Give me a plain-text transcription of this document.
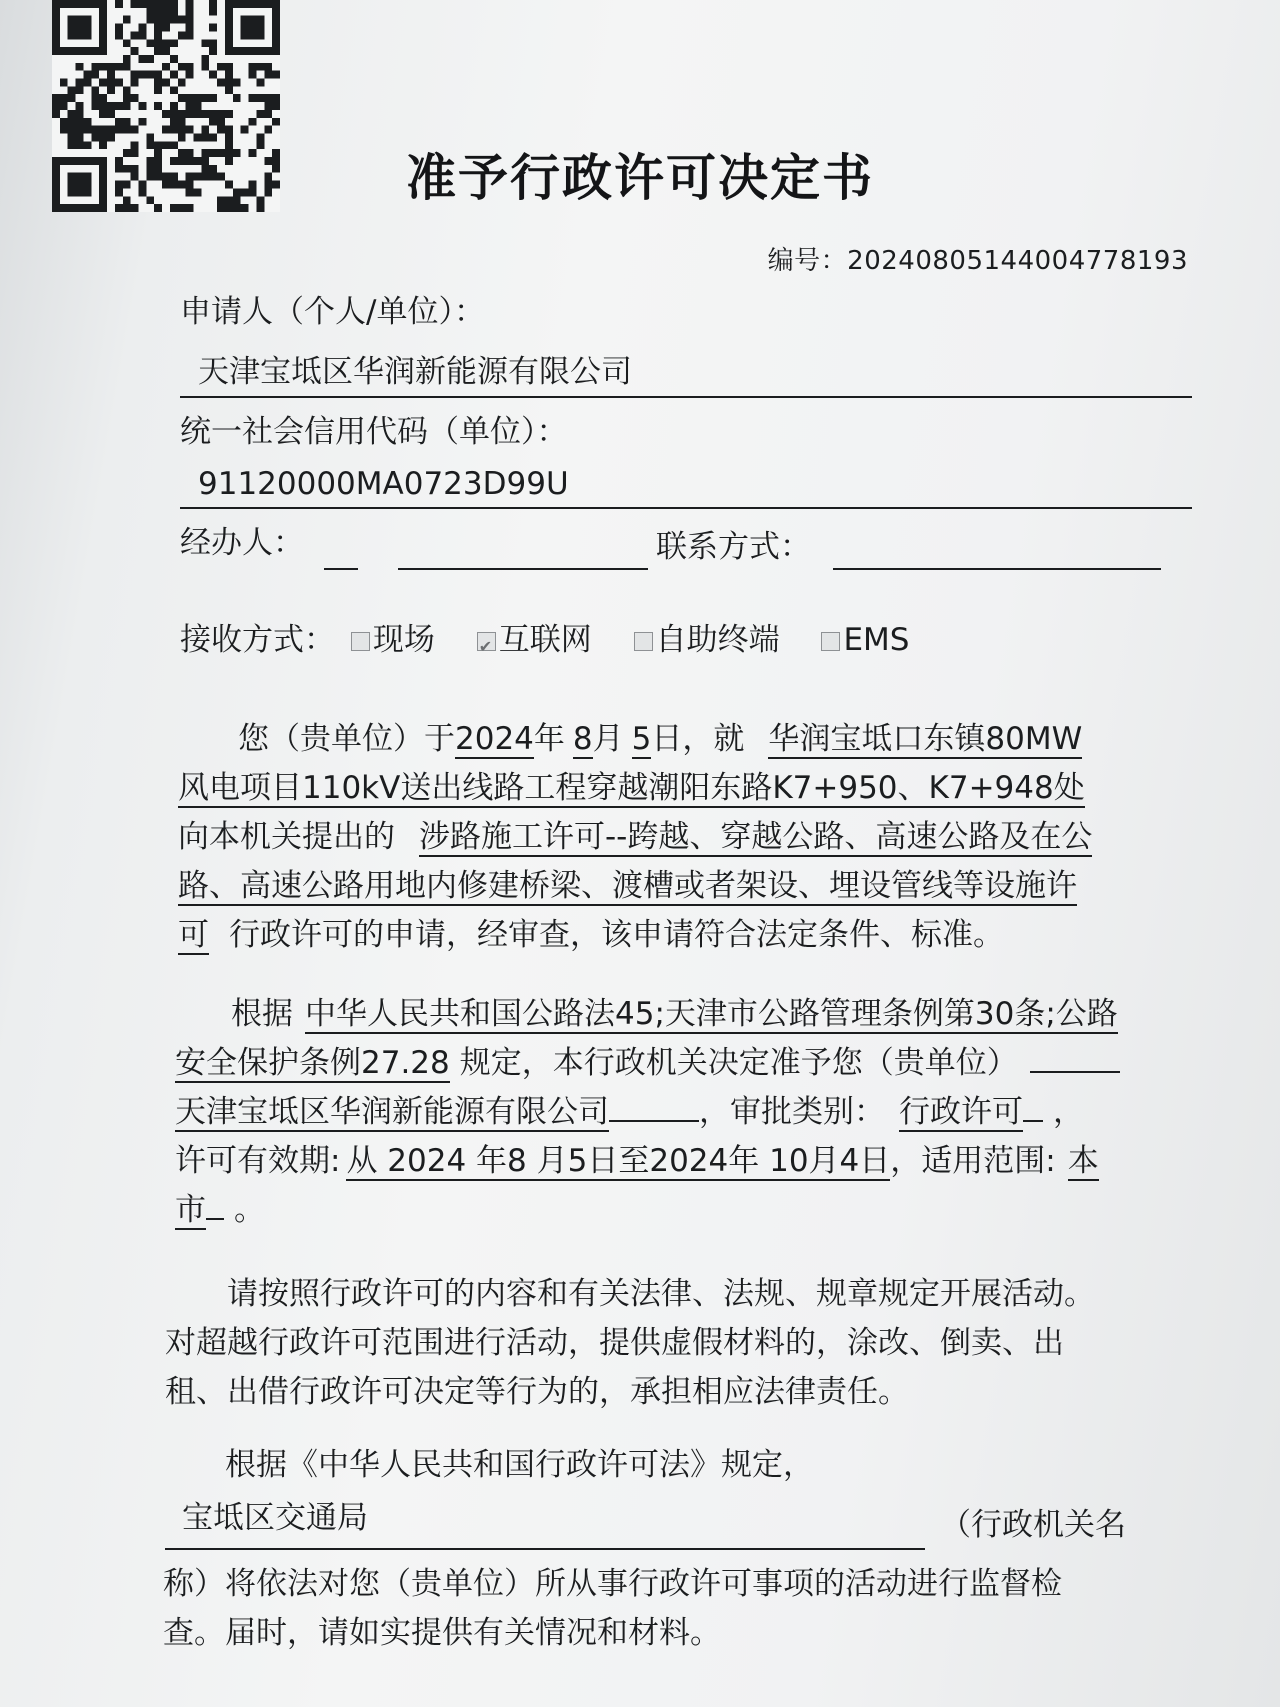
准予行政许可决定书
编号：20240805144004778193
申请人（个人/单位）：
天津宝坻区华润新能源有限公司
统一社会信用代码（单位）：
91120000MA0723D99U
经办人：	联系方式：
接收方式： 现场 ✔ 互联网 自助终端 EMS
您（贵单位）于2024年 8月 5日，就 华润宝坻口东镇80MW
风电项目110kV送出线路工程穿越潮阳东路K7+950、K7+948处
向本机关提出的 涉路施工许可--跨越、穿越公路、高速公路及在公
路、高速公路用地内修建桥梁、渡槽或者架设、埋设管线等设施许
可 行政许可的申请，经审查，该申请符合法定条件、标准。
根据 中华人民共和国公路法45;天津市公路管理条例第30条;公路
安全保护条例27.28 规定，本行政机关决定准予您（贵单位）
天津宝坻区华润新能源有限公司	，审批类别： 行政许可 ，
许可有效期: 从 2024 年8 月5日至2024年 10月4日，适用范围: 本
市 。
请按照行政许可的内容和有关法律、法规、规章规定开展活动。
对超越行政许可范围进行活动，提供虚假材料的，涂改、倒卖、出
租、出借行政许可决定等行为的，承担相应法律责任。
根据《中华人民共和国行政许可法》规定，
宝坻区交通局	（行政机关名
称）将依法对您（贵单位）所从事行政许可事项的活动进行监督检
查。届时，请如实提供有关情况和材料。
